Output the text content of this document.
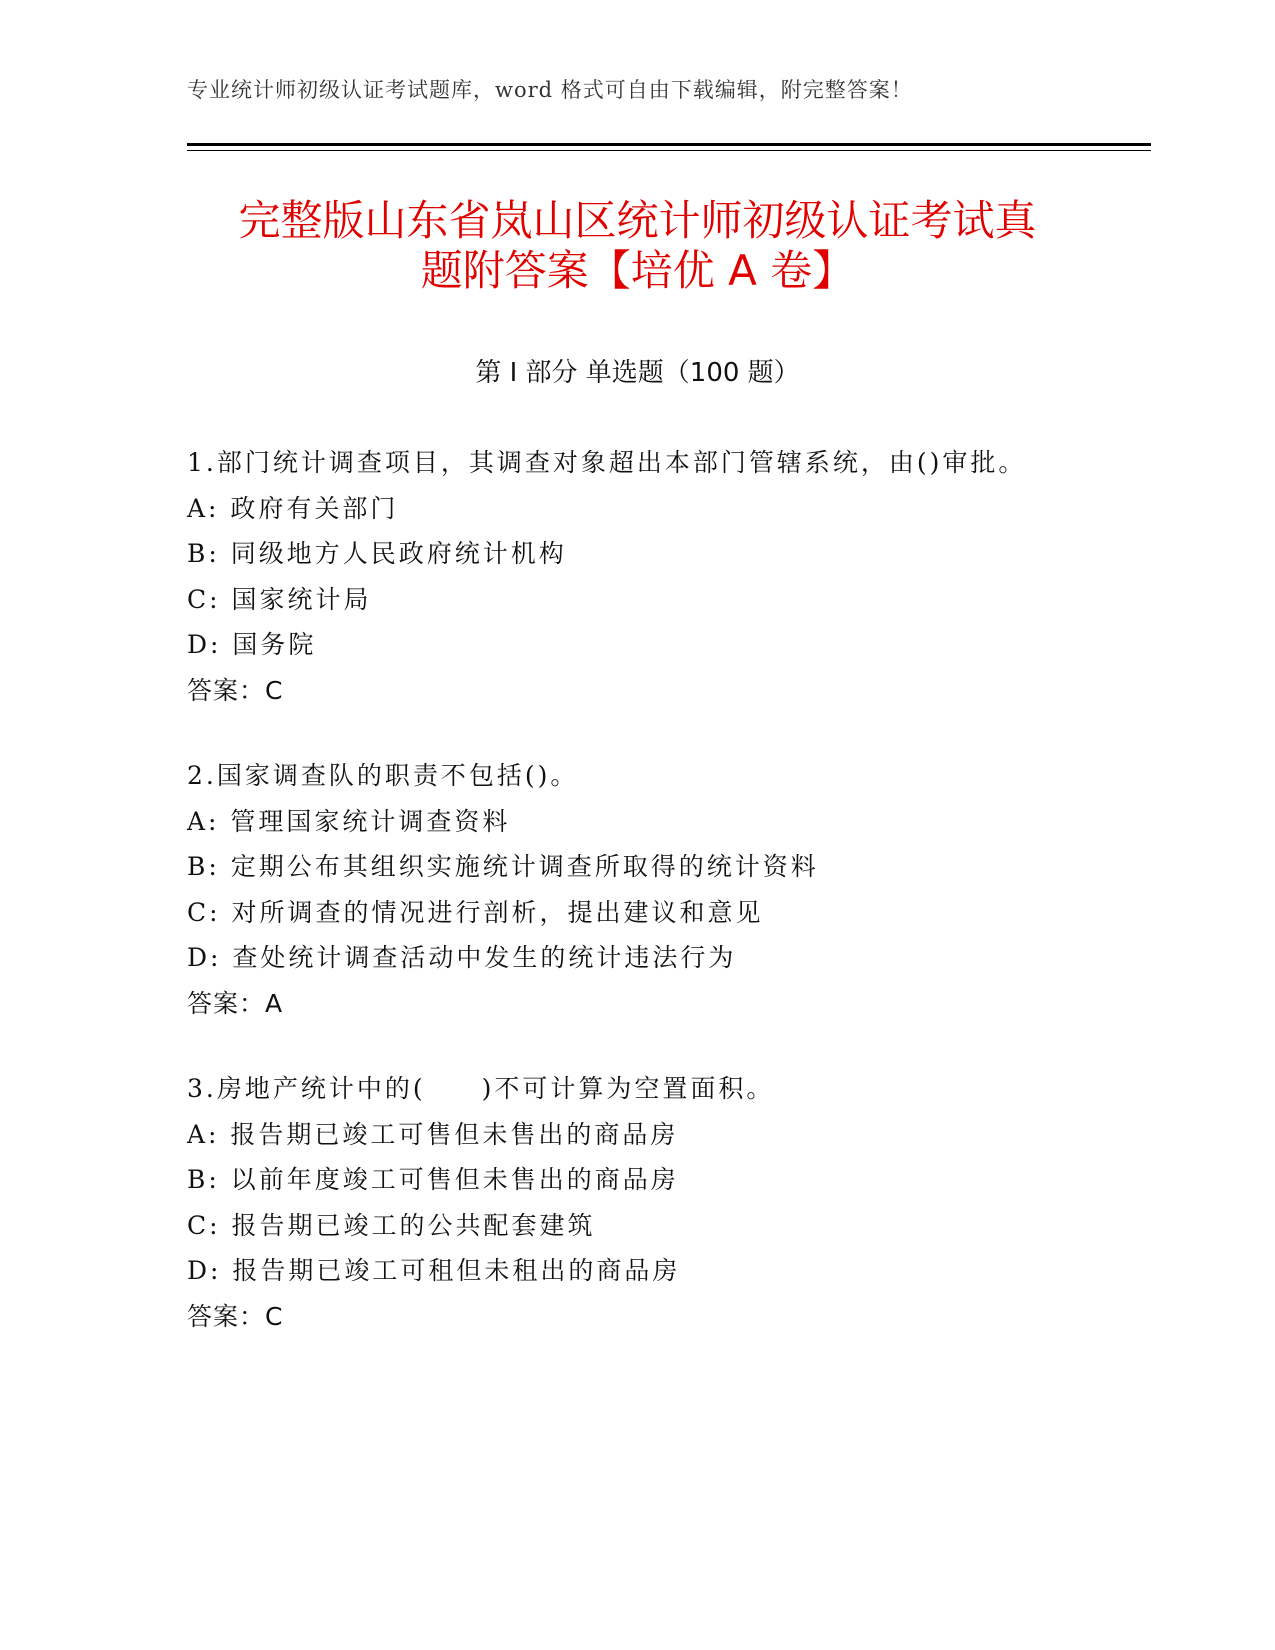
专业统计师初级认证考试题库，word 格式可自由下载编辑，附完整答案！
完整版山东省岚山区统计师初级认证考试真
题附答案【培优 A 卷】
第 I 部分 单选题（100 题）
1.部门统计调查项目，其调查对象超出本部门管辖系统，由()审批。
A: 政府有关部门
B: 同级地方人民政府统计机构
C: 国家统计局
D: 国务院
答案：C
2.国家调查队的职责不包括()。
A: 管理国家统计调查资料
B: 定期公布其组织实施统计调查所取得的统计资料
C: 对所调查的情况进行剖析，提出建议和意见
D: 查处统计调查活动中发生的统计违法行为
答案：A
3.房地产统计中的(　　)不可计算为空置面积。
A: 报告期已竣工可售但未售出的商品房
B: 以前年度竣工可售但未售出的商品房
C: 报告期已竣工的公共配套建筑
D: 报告期已竣工可租但未租出的商品房
答案：C
